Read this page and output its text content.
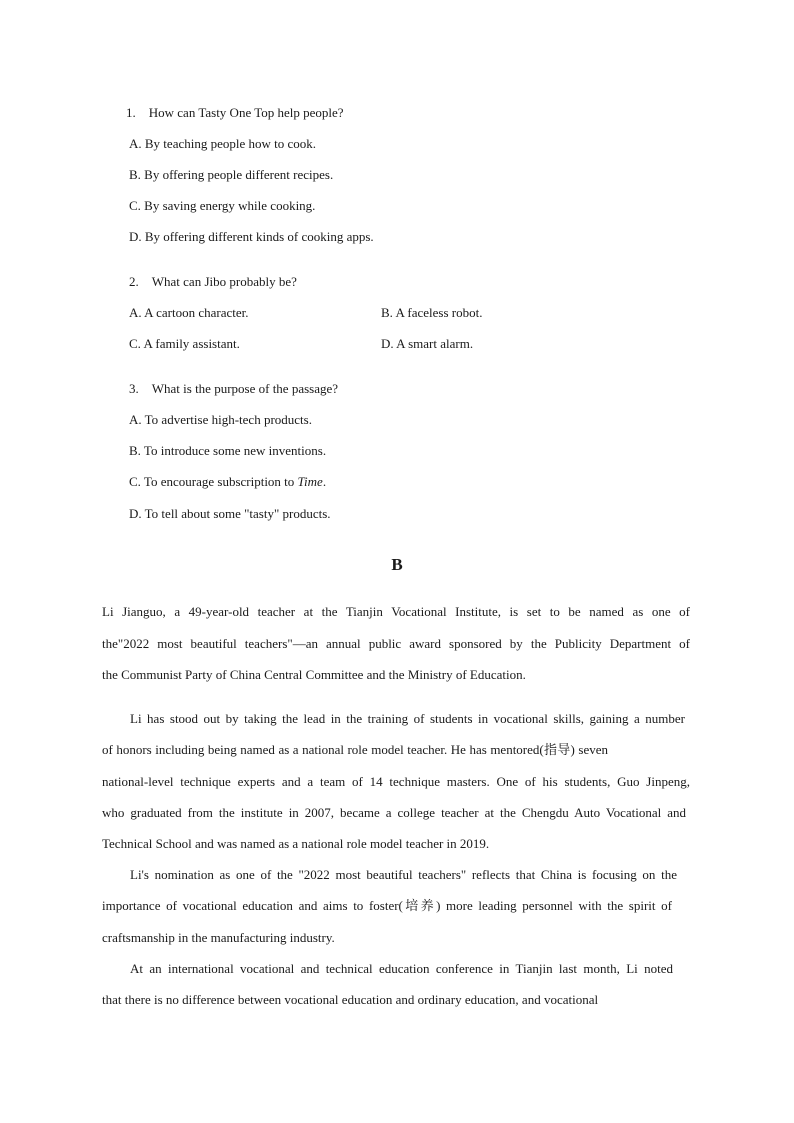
1. How can Tasty One Top help people?
A. By teaching people how to cook.
B. By offering people different recipes.
C. By saving energy while cooking.
D. By offering different kinds of cooking apps.
2. What can Jibo probably be?
A. A cartoon character.	B. A faceless robot.
C. A family assistant.	D. A smart alarm.
3. What is the purpose of the passage?
A. To advertise high-tech products.
B. To introduce some new inventions.
C. To encourage subscription to Time.
D. To tell about some "tasty" products.
B
Li Jianguo, a 49-year-old teacher at the Tianjin Vocational Institute, is set to be named as one of
the"2022 most beautiful teachers"—an annual public award sponsored by the Publicity Department of
the Communist Party of China Central Committee and the Ministry of Education.
Li has stood out by taking the lead in the training of students in vocational skills, gaining a number
of honors including being named as a national role model teacher. He has mentored(指导) seven
national-level technique experts and a team of 14 technique masters. One of his students, Guo Jinpeng,
who graduated from the institute in 2007, became a college teacher at the Chengdu Auto Vocational and
Technical School and was named as a national role model teacher in 2019.
Li's nomination as one of the "2022 most beautiful teachers" reflects that China is focusing on the
importance of vocational education and aims to foster(培养) more leading personnel with the spirit of
craftsmanship in the manufacturing industry.
At an international vocational and technical education conference in Tianjin last month, Li noted
that there is no difference between vocational education and ordinary education, and vocational
